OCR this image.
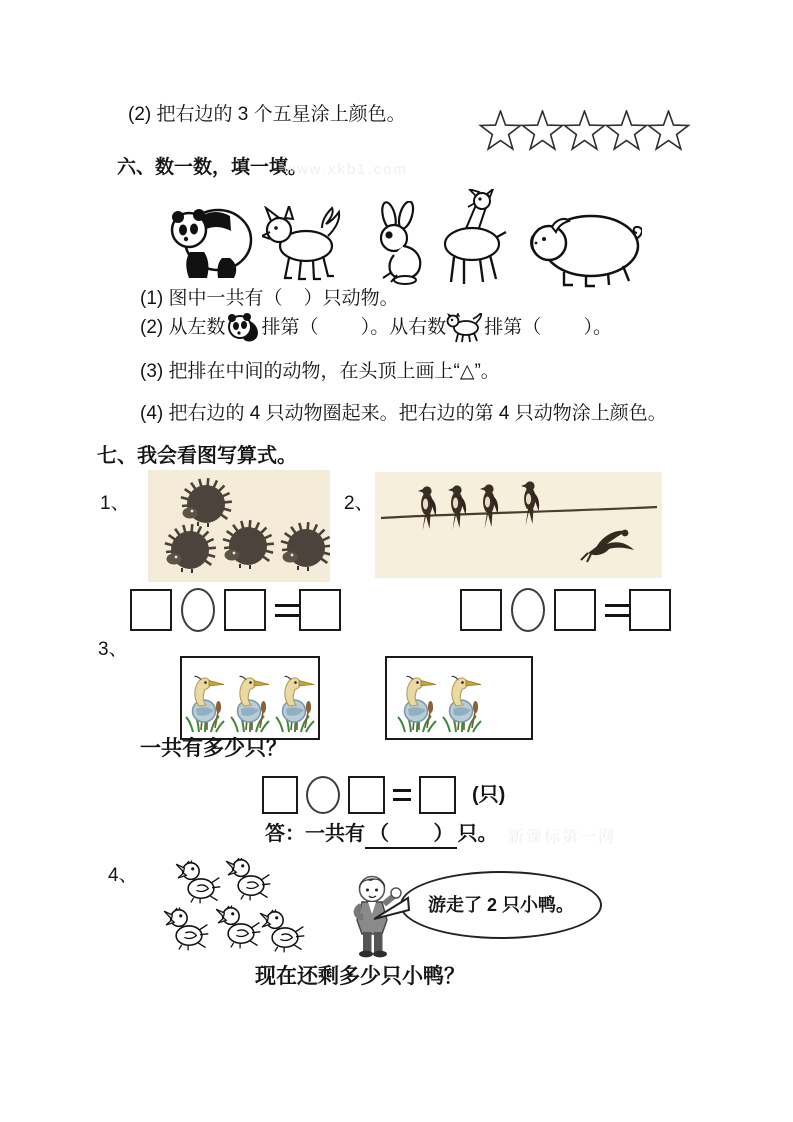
(2) 把右边的 3 个五星涂上颜色。
六、数一数，填一填。
www.xkb1.com
(1) 图中一共有（    ）只动物。
(2) 从左数 排第（        ）。从右数 排第（        ）。
(3) 把排在中间的动物，在头顶上画上“△”。
(4) 把右边的 4 只动物圈起来。把右边的第 4 只动物涂上颜色。
七、我会看图写算式。
1、	2、
3、
一共有多少只？
(只)
答：一共有 （        ） 只。 新课标第一网
4、
游走了 2 只小鸭。
现在还剩多少只小鸭？
